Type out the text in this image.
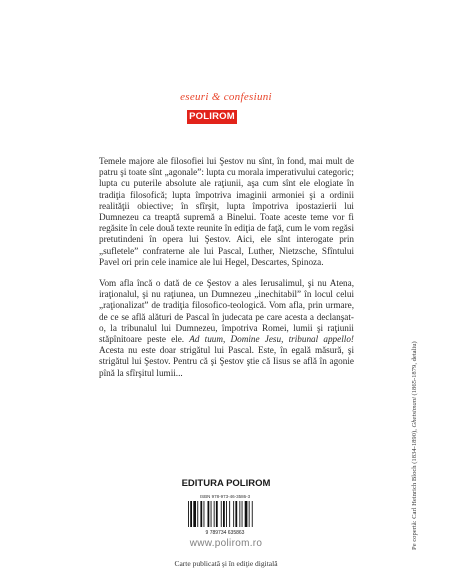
eseuri & confesiuni
POLIROM

Temele majore ale filosofiei lui Şestov nu sînt, în fond, mai mult de patru şi toate sînt „agonale”: lupta cu morala imperativului categoric; lupta cu puterile absolute ale raţiunii, aşa cum sînt ele elogiate în tradiţia filosofică; lupta împotriva imaginii armoniei şi a ordinii realităţii obiective; în sfîrşit, lupta împotriva ipostazierii lui Dumnezeu ca treaptă supremă a Binelui. Toate aceste teme vor fi regăsite în cele două texte reunite în ediţia de faţă, cum le vom regăsi pretutindeni în opera lui Şestov. Aici, ele sînt interogate prin „sufletele” confraterne ale lui Pascal, Luther, Nietzsche, Sfîntului Pavel ori prin cele inamice ale lui Hegel, Descartes, Spinoza.

Vom afla încă o dată de ce Şestov a ales Ierusalimul, şi nu Atena, iraţionalul, şi nu raţiunea, un Dumnezeu „inechitabil” în locul celui „raţionalizat” de tradiţia filosofico-teologică. Vom afla, prin urmare, de ce se află alături de Pascal în judecata pe care acesta a declanşat-o, la tribunalul lui Dumnezeu, împotriva Romei, lumii şi raţiunii stăpînitoare peste ele. Ad tuum, Domine Jesu, tribunal appello! Acesta nu este doar strigătul lui Pascal. Este, în egală măsură, şi strigătul lui Şestov. Pentru că şi Şestov ştie că Iisus se află în agonie pînă la sfîrşitul lumii...

Pe copertă: Carl Heinrich Bloch (1834-1890), Ghetsimani (1865-1879, detaliu)
EDITURA POLIROM
ISBN 978-973-46-3586-3
9 789734 635863
www.polirom.ro
Carte publicată şi în ediţie digitală
